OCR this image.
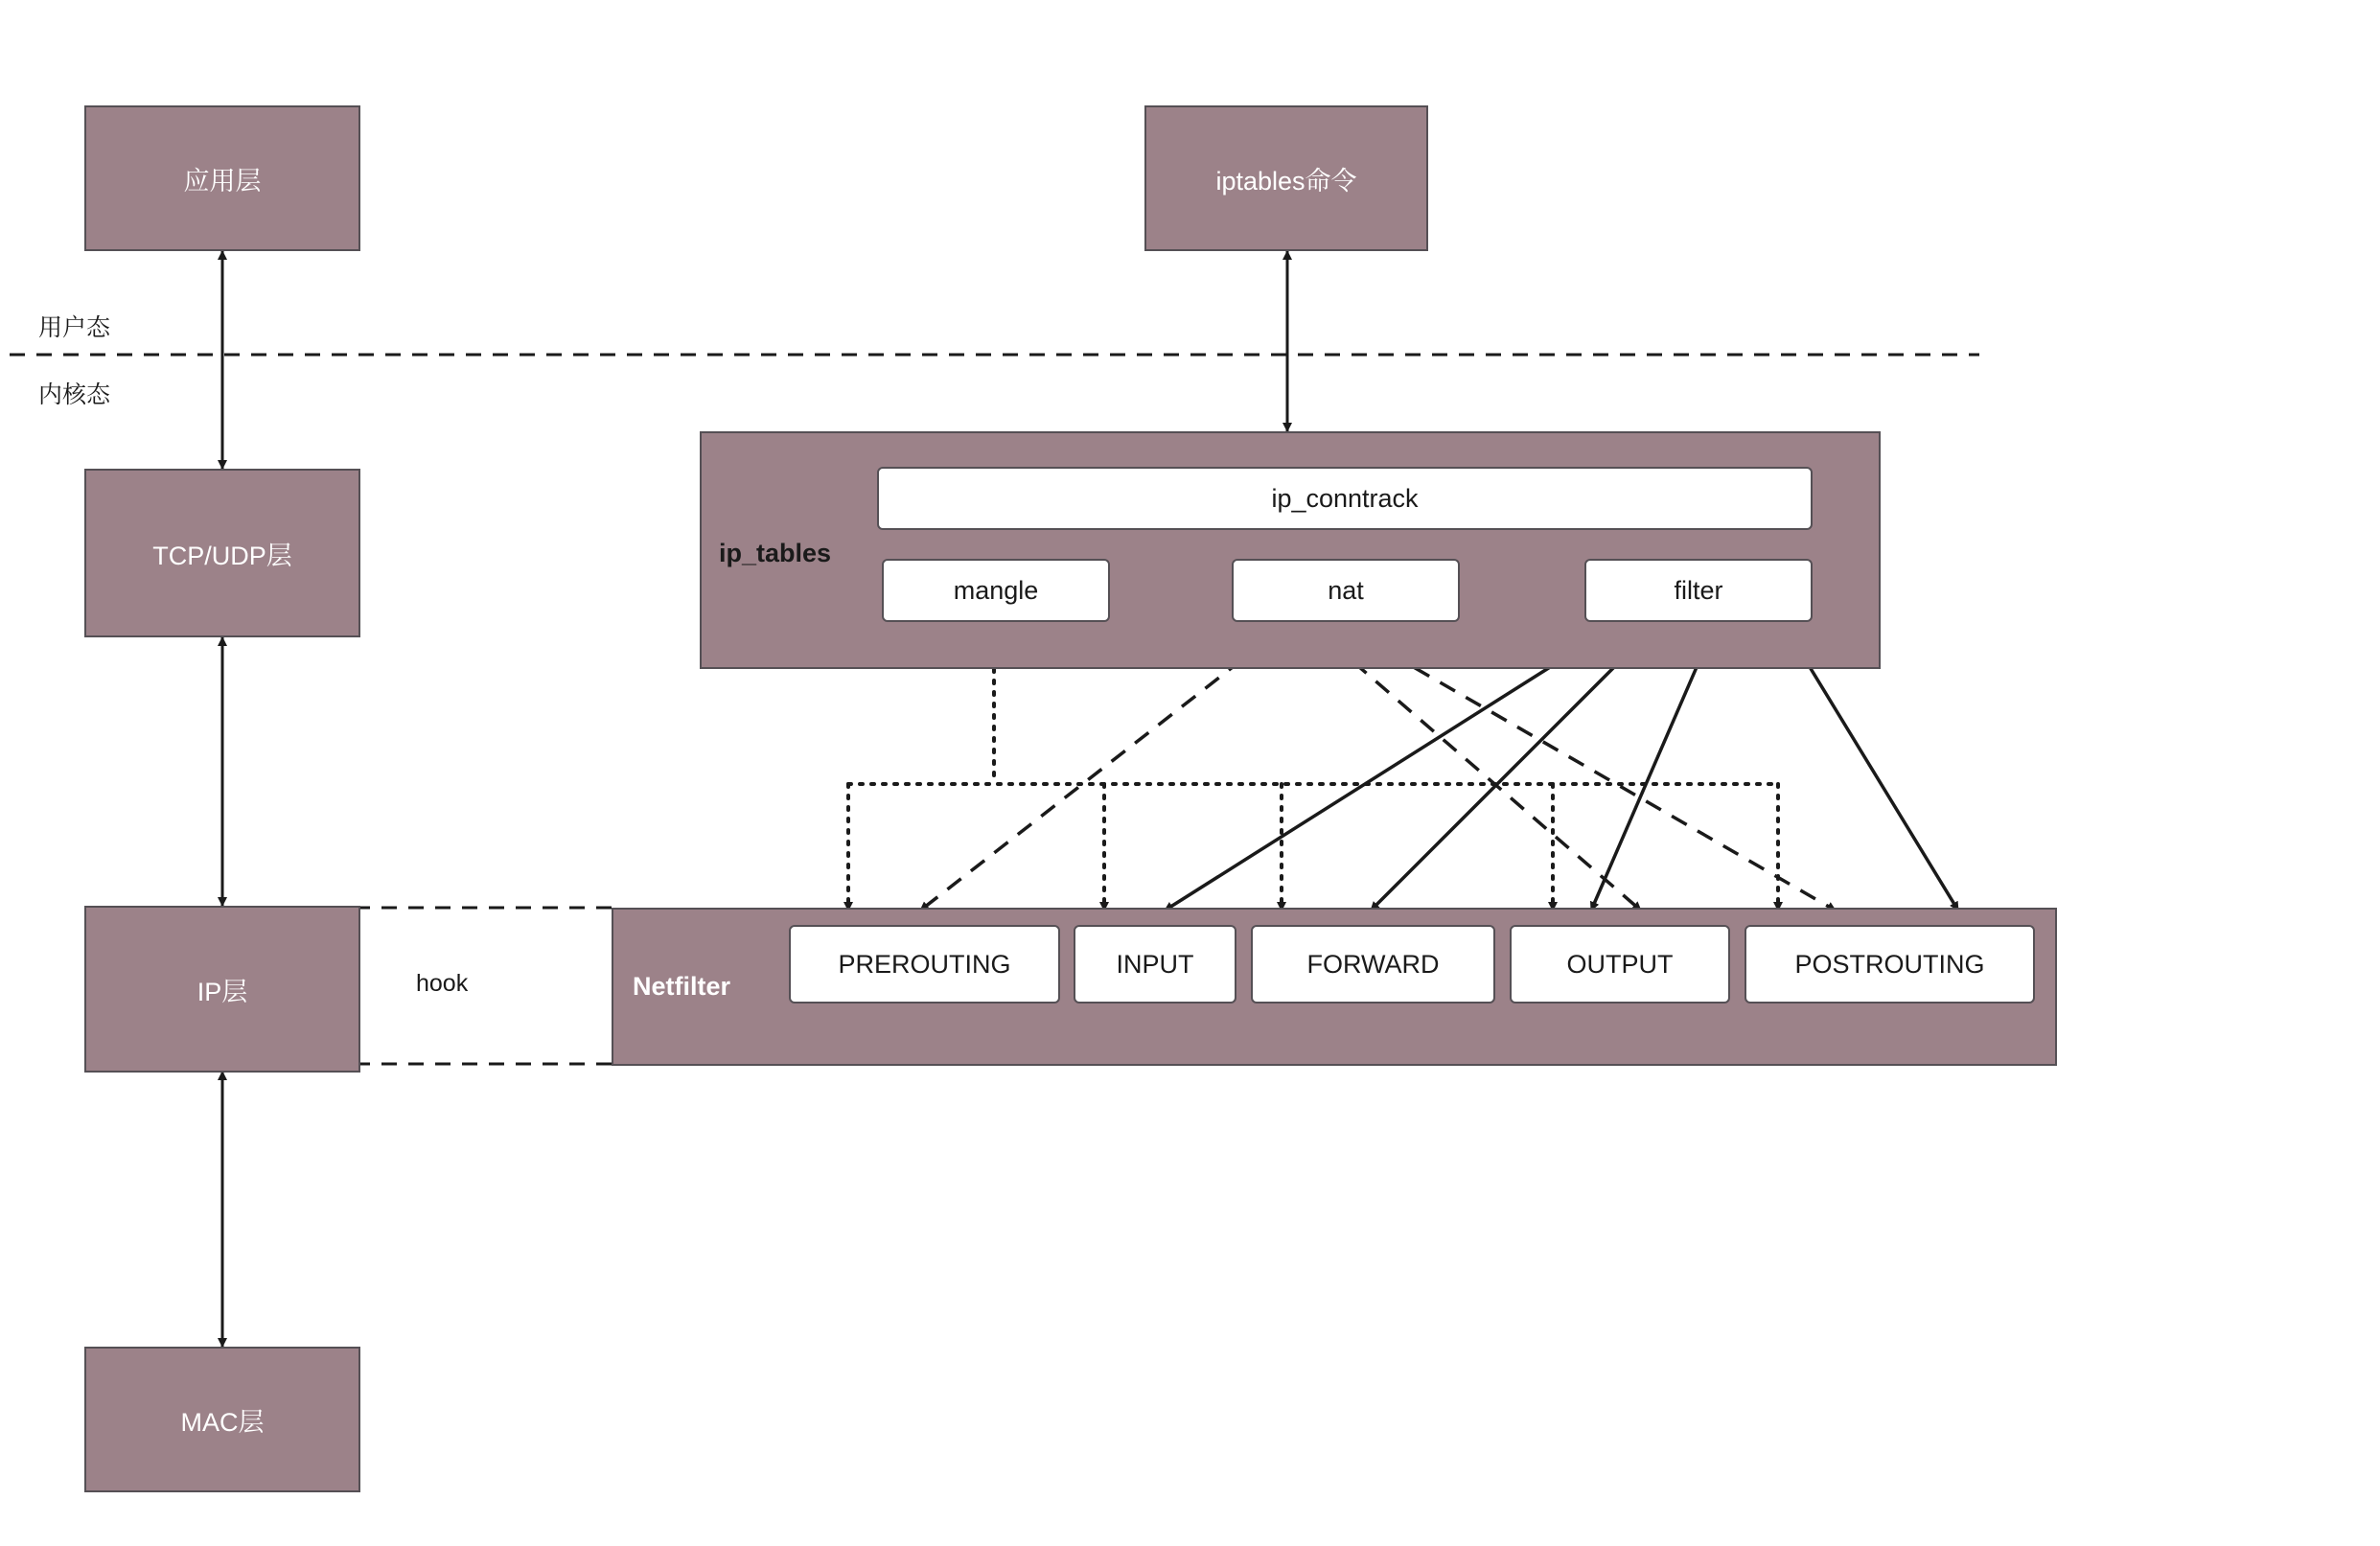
应用层
TCP/UDP层
IP层
MAC层
用户态
内核态
hook
iptables命令
ip_tables
ip_conntrack
mangle	nat	filter
Netfilter
PREROUTING	INPUT	FORWARD	OUTPUT	POSTROUTING
